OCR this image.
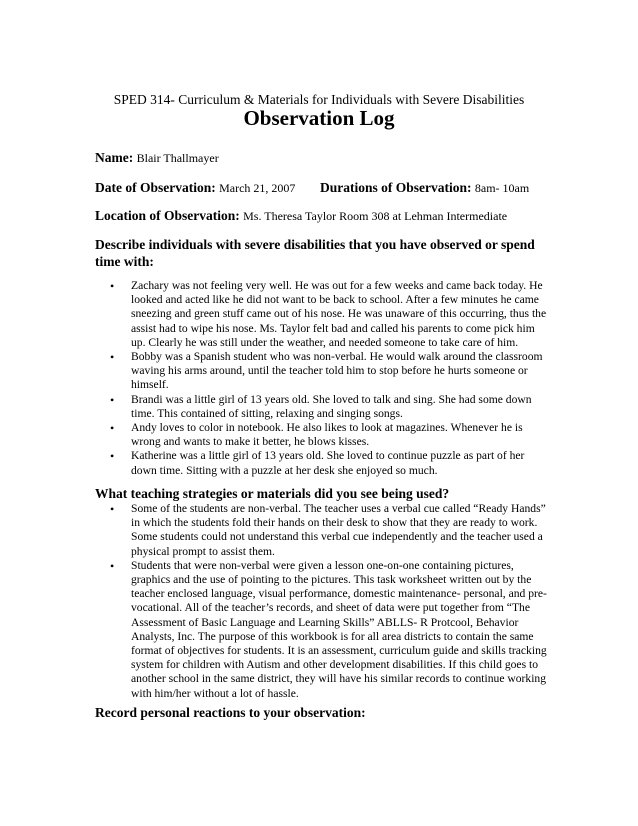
SPED 314- Curriculum & Materials for Individuals with Severe Disabilities
Observation Log
Name: Blair Thallmayer
Date of Observation: March 21, 2007 Durations of Observation: 8am- 10am
Location of Observation: Ms. Theresa Taylor Room 308 at Lehman Intermediate
Describe individuals with severe disabilities that you have observed or spend time with:
• Zachary was not feeling very well. He was out for a few weeks and came back today. He looked and acted like he did not want to be back to school. After a few minutes he came sneezing and green stuff came out of his nose. He was unaware of this occurring, thus the assist had to wipe his nose. Ms. Taylor felt bad and called his parents to come pick him up. Clearly he was still under the weather, and needed someone to take care of him.
• Bobby was a Spanish student who was non-verbal. He would walk around the classroom waving his arms around, until the teacher told him to stop before he hurts someone or himself.
• Brandi was a little girl of 13 years old. She loved to talk and sing. She had some down time. This contained of sitting, relaxing and singing songs.
• Andy loves to color in notebook. He also likes to look at magazines. Whenever he is wrong and wants to make it better, he blows kisses.
• Katherine was a little girl of 13 years old. She loved to continue puzzle as part of her down time. Sitting with a puzzle at her desk she enjoyed so much.
What teaching strategies or materials did you see being used?
• Some of the students are non-verbal. The teacher uses a verbal cue called “Ready Hands” in which the students fold their hands on their desk to show that they are ready to work. Some students could not understand this verbal cue independently and the teacher used a physical prompt to assist them.
• Students that were non-verbal were given a lesson one-on-one containing pictures, graphics and the use of pointing to the pictures. This task worksheet written out by the teacher enclosed language, visual performance, domestic maintenance- personal, and pre-vocational. All of the teacher’s records, and sheet of data were put together from “The Assessment of Basic Language and Learning Skills” ABLLS- R Protcool, Behavior Analysts, Inc. The purpose of this workbook is for all area districts to contain the same format of objectives for students. It is an assessment, curriculum guide and skills tracking system for children with Autism and other development disabilities. If this child goes to another school in the same district, they will have his similar records to continue working with him/her without a lot of hassle.
Record personal reactions to your observation:
